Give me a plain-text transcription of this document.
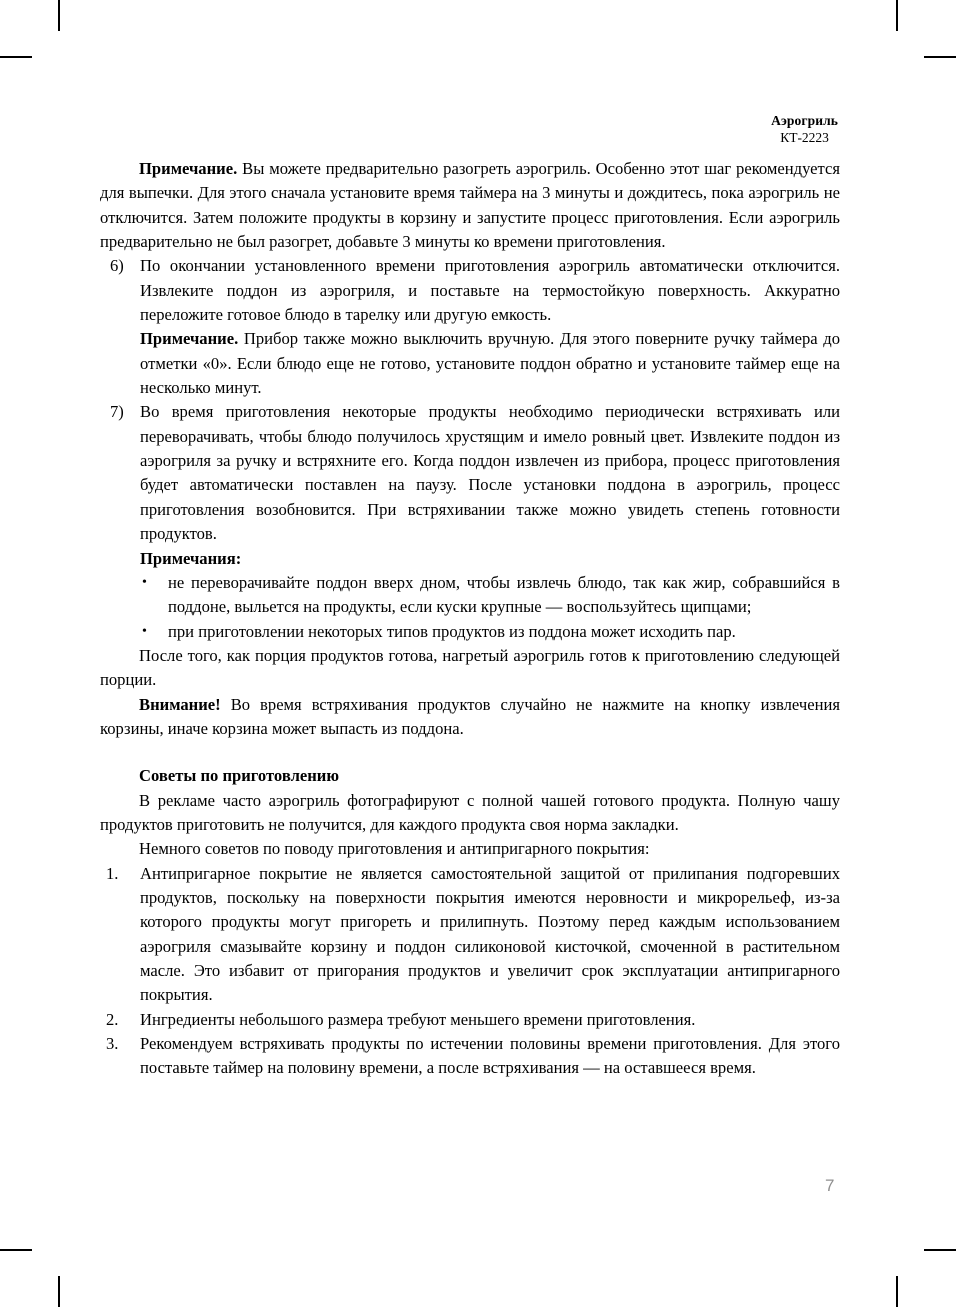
Аэрогриль
КТ-2223
Примечание. Вы можете предварительно разогреть аэрогриль. Особенно этот шаг рекомендуется для выпечки. Для этого сначала установите время таймера на 3 минуты и дождитесь, пока аэрогриль не отключится. Затем положите продукты в корзину и запустите процесс приготовления. Если аэрогриль предварительно не был разогрет, добавьте 3 минуты ко времени приготовления.
6) По окончании установленного времени приготовления аэрогриль автоматически отключится. Извлеките поддон из аэрогриля, и поставьте на термостойкую поверхность. Аккуратно переложите готовое блюдо в тарелку или другую емкость.
Примечание. Прибор также можно выключить вручную. Для этого поверните ручку таймера до отметки «0». Если блюдо еще не готово, установите поддон обратно и установите таймер еще на несколько минут.
7) Во время приготовления некоторые продукты необходимо периодически встряхивать или переворачивать, чтобы блюдо получилось хрустящим и имело ровный цвет. Извлеките поддон из аэрогриля за ручку и встряхните его. Когда поддон извлечен из прибора, процесс приготовления будет автоматически поставлен на паузу. После установки поддона в аэрогриль, процесс приготовления возобновится. При встряхивании также можно увидеть степень готовности продуктов.
Примечания:
• не переворачивайте поддон вверх дном, чтобы извлечь блюдо, так как жир, собравшийся в поддоне, выльется на продукты, если куски крупные — воспользуйтесь щипцами;
• при приготовлении некоторых типов продуктов из поддона может исходить пар.
После того, как порция продуктов готова, нагретый аэрогриль готов к приготовлению следующей порции.
Внимание! Во время встряхивания продуктов случайно не нажмите на кнопку извлечения корзины, иначе корзина может выпасть из поддона.
Советы по приготовлению
В рекламе часто аэрогриль фотографируют с полной чашей готового продукта. Полную чашу продуктов приготовить не получится, для каждого продукта своя норма закладки.
Немного советов по поводу приготовления и антипригарного покрытия:
1.	Антипригарное покрытие не является самостоятельной защитой от прилипания подгоревших продуктов, поскольку на поверхности покрытия имеются неровности и микрорельеф, из-за которого продукты могут пригореть и прилипнуть. Поэтому перед каждым использованием аэрогриля смазывайте корзину и поддон силиконовой кисточкой, смоченной в растительном масле. Это избавит от пригорания продуктов и увеличит срок эксплуатации антипригарного покрытия.
2.	Ингредиенты небольшого размера требуют меньшего времени приготовления.
3.	Рекомендуем встряхивать продукты по истечении половины времени приготовления. Для этого поставьте таймер на половину времени, а после встряхивания — на оставшееся время.
7
